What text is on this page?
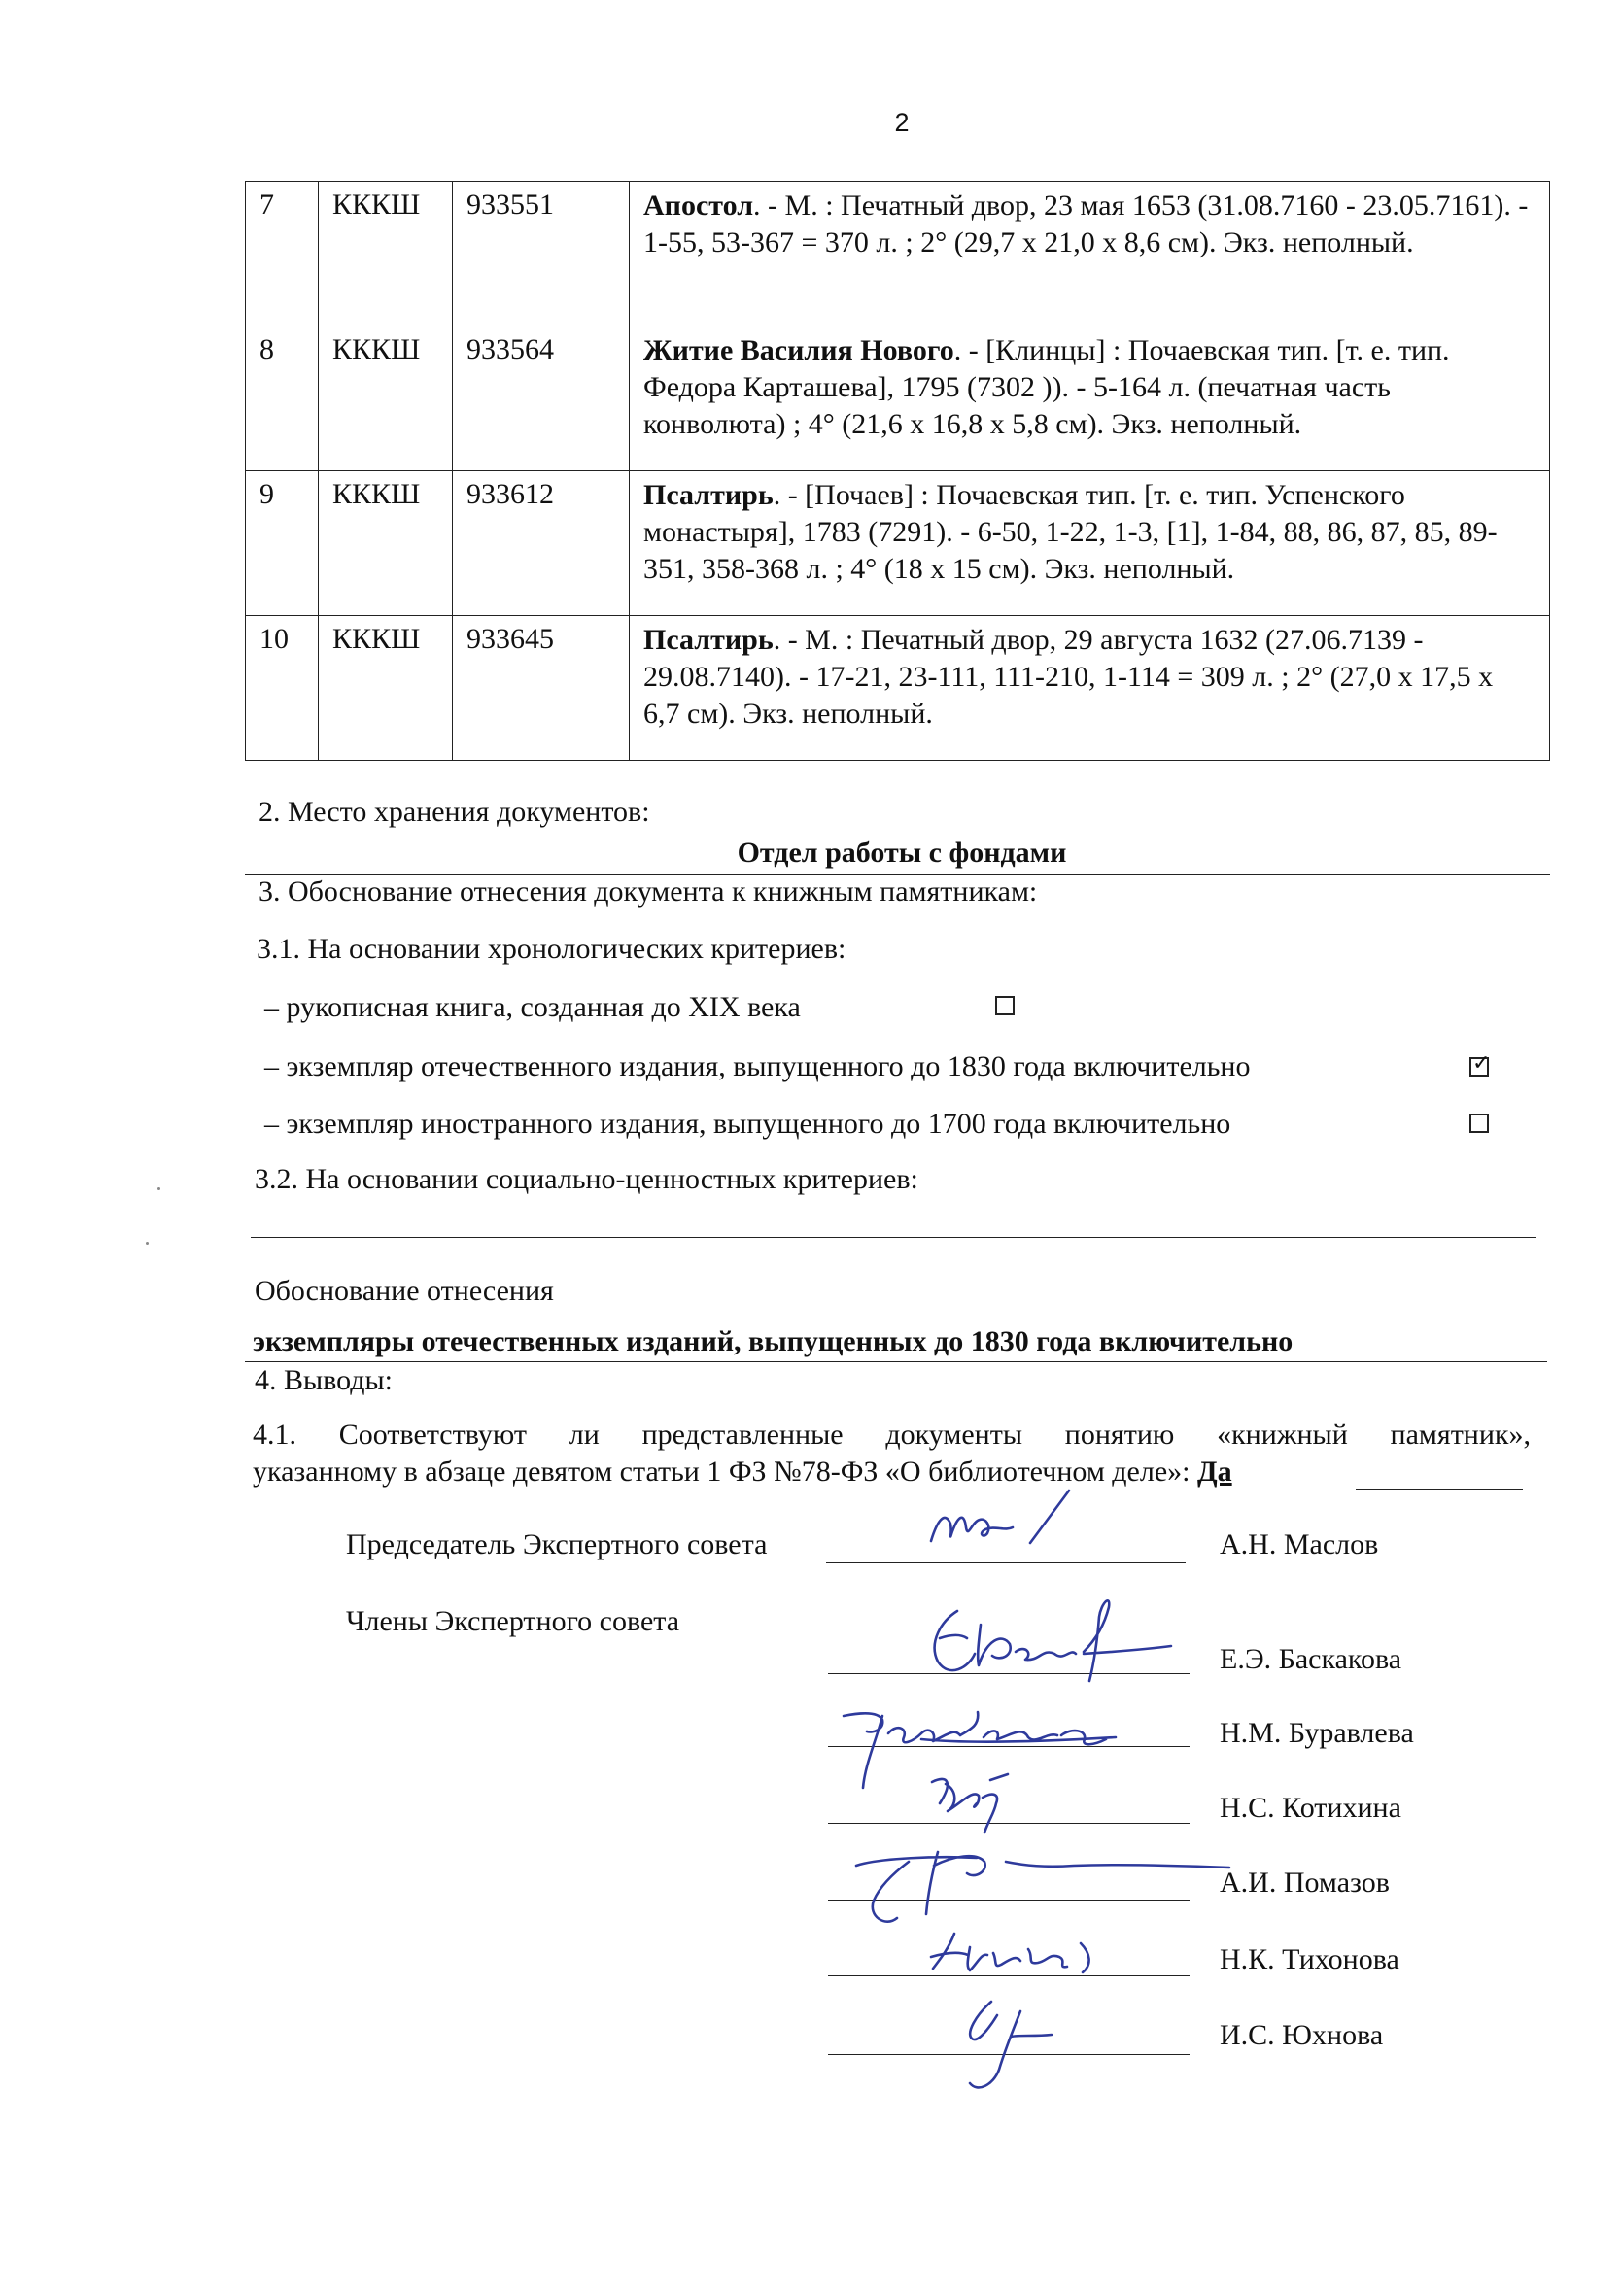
2
7	КККШ	933551	Апостол. - М. : Печатный двор, 23 мая 1653 (31.08.7160 - 23.05.7161). - 1-55, 53-367 = 370 л. ; 2° (29,7 х 21,0 х 8,6 см). Экз. неполный.
8	КККШ	933564	Житие Василия Нового. - [Клинцы] : Почаевская тип. [т. е. тип. Федора Карташева], 1795 (7302 )). - 5-164 л. (печатная часть конволюта) ; 4° (21,6 х 16,8 х 5,8 см). Экз. неполный.
9	КККШ	933612	Псалтирь. - [Почаев] : Почаевская тип. [т. е. тип. Успенского монастыря], 1783 (7291). - 6-50, 1-22, 1-3, [1], 1-84, 88, 86, 87, 85, 89-351, 358-368 л. ; 4° (18 х 15 см). Экз. неполный.
10	КККШ	933645	Псалтирь. - М. : Печатный двор, 29 августа 1632 (27.06.7139 - 29.08.7140). - 17-21, 23-111, 111-210, 1-114 = 309 л. ; 2° (27,0 х 17,5 х 6,7 см). Экз. неполный.
2. Место хранения документов:
Отдел работы с фондами
3. Обоснование отнесения документа к книжным памятникам:
3.1. На основании хронологических критериев:
– рукописная книга, созданная до XIX века
– экземпляр отечественного издания, выпущенного до 1830 года включительно	✓
– экземпляр иностранного издания, выпущенного до 1700 года включительно
3.2. На основании социально-ценностных критериев:
Обоснование отнесения
экземпляры отечественных изданий, выпущенных до 1830 года включительно
4. Выводы:
4.1. Соответствуют ли представленные документы понятию «книжный памятник»,
указанному в абзаце девятом статьи 1 ФЗ №78-ФЗ «О библиотечном деле»: Да
Председатель Экспертного совета	А.Н. Маслов
Члены Экспертного совета
Е.Э. Баскакова
Н.М. Буравлева
Н.С. Котихина
А.И. Помазов
Н.К. Тихонова
И.С. Юхнова
